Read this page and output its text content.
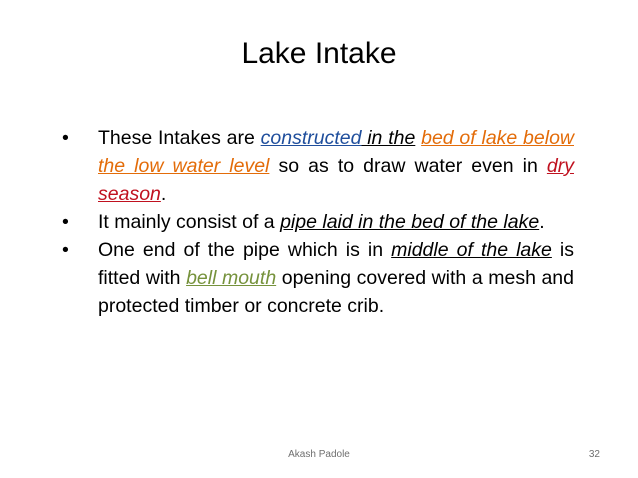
Lake Intake
• These Intakes are constructed in the bed of lake below the low water level so as to draw water even in dry season.
• It mainly consist of a pipe laid in the bed of the lake.
• One end of the pipe which is in middle of the lake is fitted with bell mouth opening covered with a mesh and protected timber or concrete crib.
Akash Padole	32
